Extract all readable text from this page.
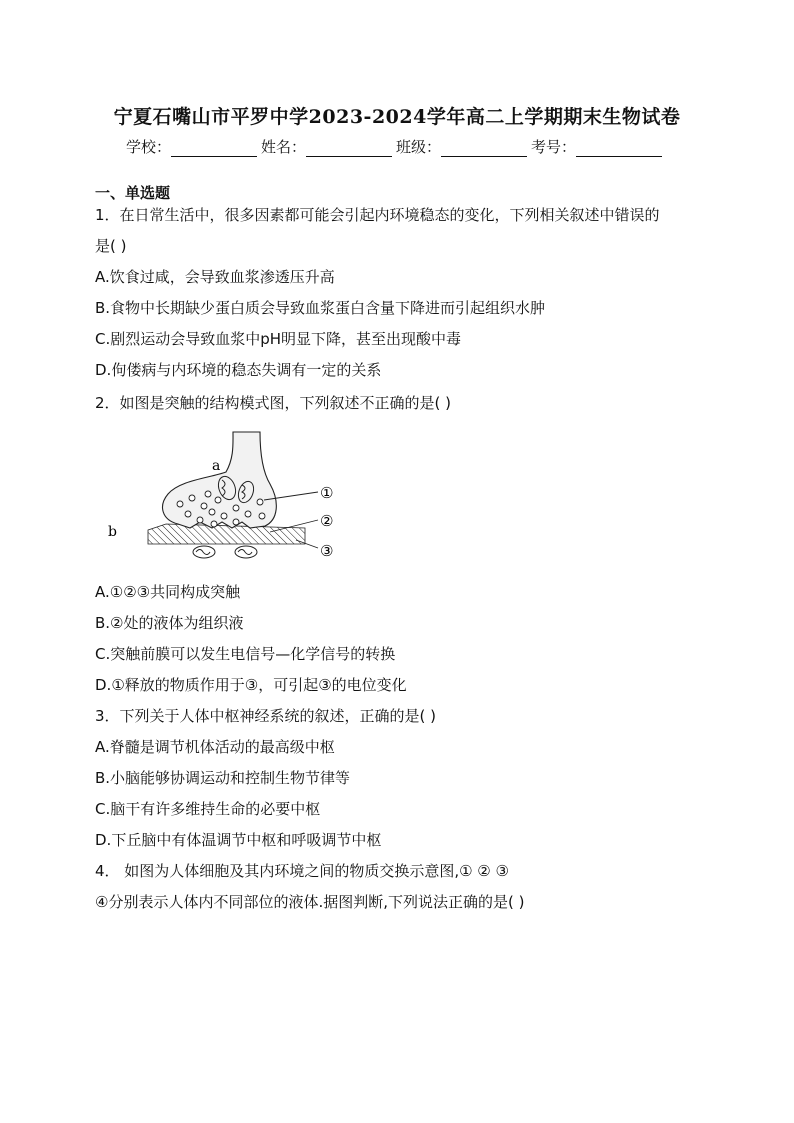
宁夏石嘴山市平罗中学2023-2024学年高二上学期期末生物试卷
学校：	姓名：	班级：	考号：
一、单选题
1．在日常生活中，很多因素都可能会引起内环境稳态的变化，下列相关叙述中错误的
是( )
A.饮食过咸，会导致血浆渗透压升高
B.食物中长期缺少蛋白质会导致血浆蛋白含量下降进而引起组织水肿
C.剧烈运动会导致血浆中pH明显下降，甚至出现酸中毒
D.佝偻病与内环境的稳态失调有一定的关系
2．如图是突触的结构模式图，下列叙述不正确的是( )
a
b
①
②
③
A.①②③共同构成突触
B.②处的液体为组织液
C.突触前膜可以发生电信号—化学信号的转换
D.①释放的物质作用于③，可引起③的电位变化
3．下列关于人体中枢神经系统的叙述，正确的是( )
A.脊髓是调节机体活动的最高级中枢
B.小脑能够协调运动和控制生物节律等
C.脑干有许多维持生命的必要中枢
D.下丘脑中有体温调节中枢和呼吸调节中枢
4． 如图为人体细胞及其内环境之间的物质交换示意图,① ② ③
④分别表示人体内不同部位的液体.据图判断,下列说法正确的是( )
